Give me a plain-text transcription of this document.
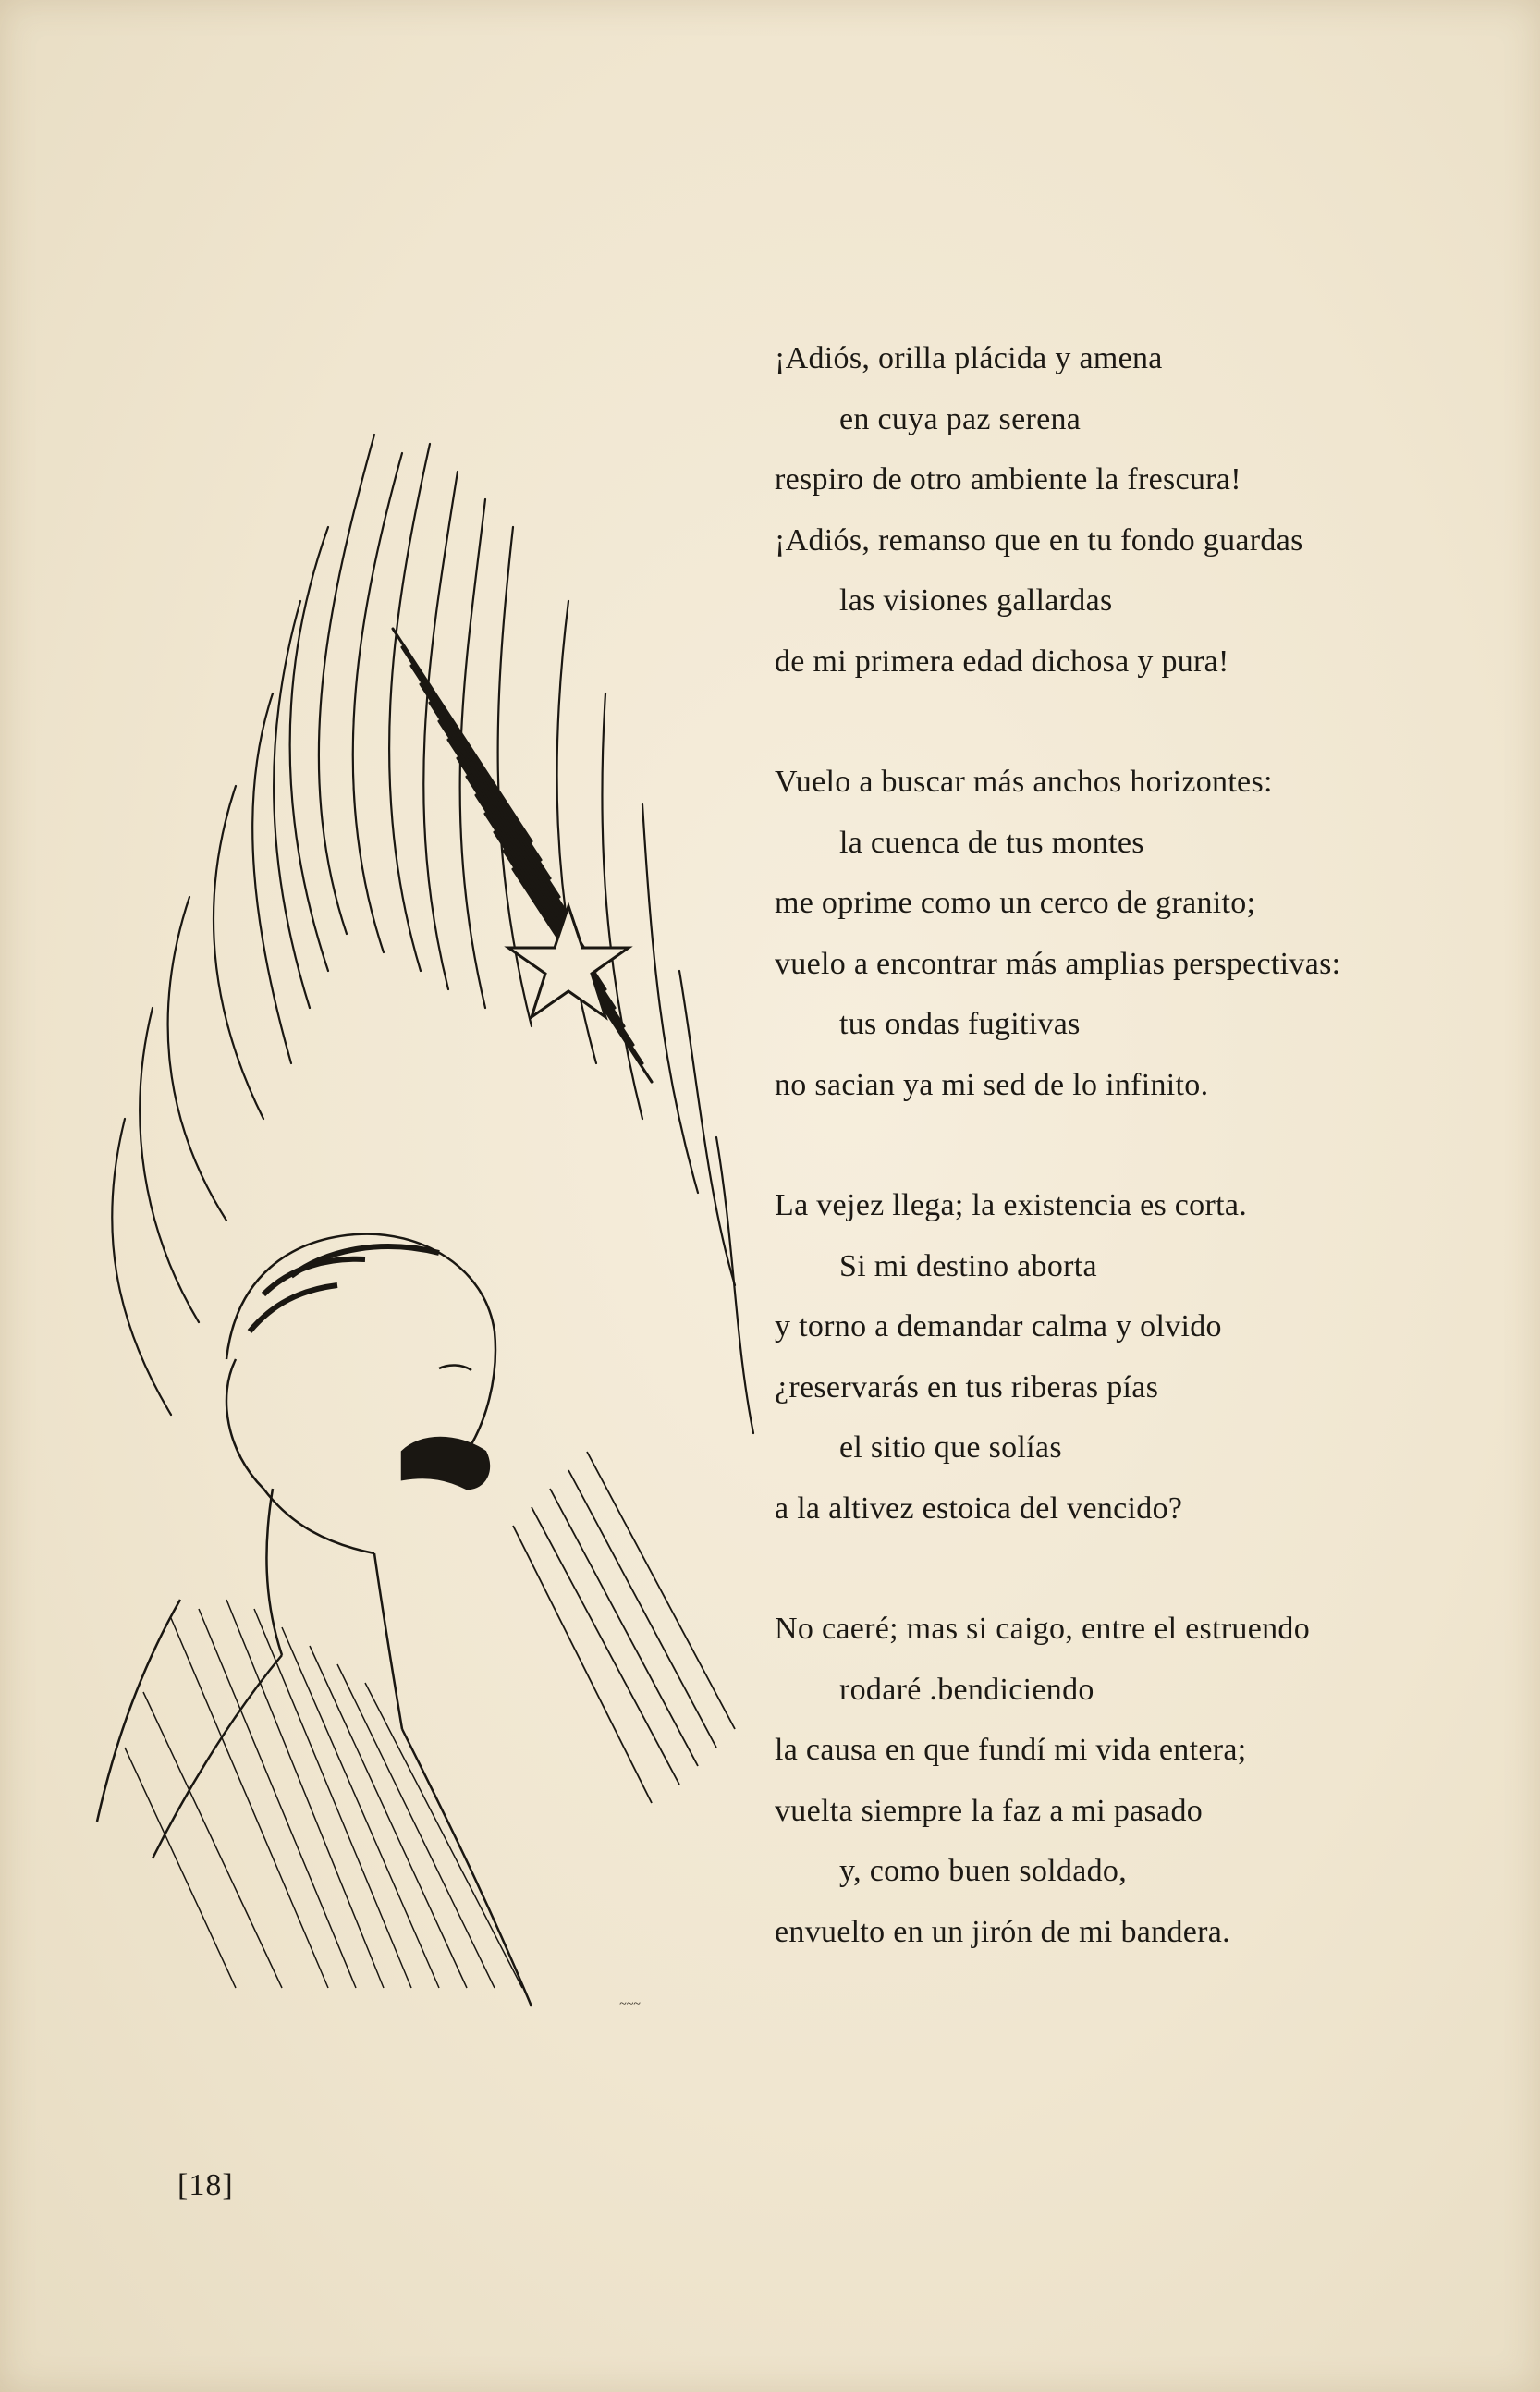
~~~
¡Adiós, orilla plácida y amena
en cuya paz serena
respiro de otro ambiente la frescura!
¡Adiós, remanso que en tu fondo guardas
las visiones gallardas
de mi primera edad dichosa y pura!
Vuelo a buscar más anchos horizontes:
la cuenca de tus montes
me oprime como un cerco de granito;
vuelo a encontrar más amplias perspectivas:
tus ondas fugitivas
no sacian ya mi sed de lo infinito.
La vejez llega; la existencia es corta.
Si mi destino aborta
y torno a demandar calma y olvido
¿reservarás en tus riberas pías
el sitio que solías
a la altivez estoica del vencido?
No caeré; mas si caigo, entre el estruendo
rodaré .bendiciendo
la causa en que fundí mi vida entera;
vuelta siempre la faz a mi pasado
y, como buen soldado,
envuelto en un jirón de mi bandera.
[18]
